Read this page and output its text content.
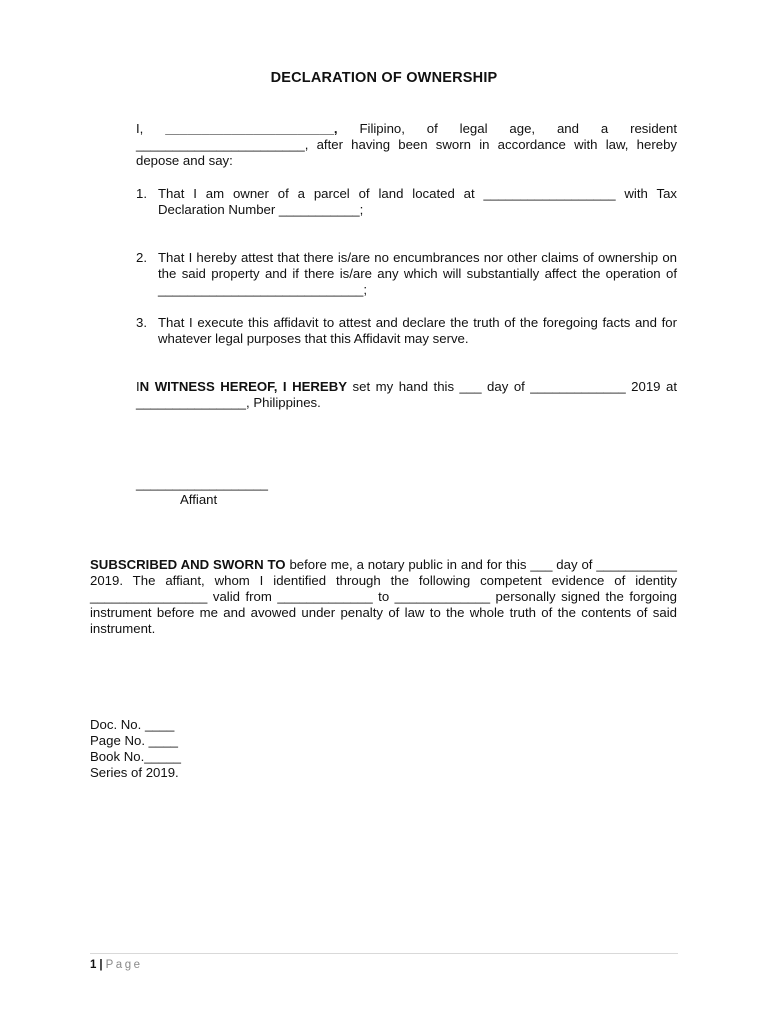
DECLARATION OF OWNERSHIP

I, _______________________, Filipino, of legal age, and a resident _______________________, after having been sworn in accordance with law, hereby depose and say:

1. That I am owner of a parcel of land located at __________________ with Tax Declaration Number ___________;
2. That I hereby attest that there is/are no encumbrances nor other claims of ownership on the said property and if there is/are any which will substantially affect the operation of ____________________________;
3. That I execute this affidavit to attest and declare the truth of the foregoing facts and for whatever legal purposes that this Affidavit may serve.

IN WITNESS HEREOF, I HEREBY set my hand this ___ day of _____________ 2019 at _______________, Philippines.

__________________
Affiant

SUBSCRIBED AND SWORN TO before me, a notary public in and for this ___ day of ___________ 2019. The affiant, whom I identified through the following competent evidence of identity ________________ valid from _____________ to _____________ personally signed the forgoing instrument before me and avowed under penalty of law to the whole truth of the contents of said instrument.

Doc. No. ____
Page No. ____
Book No._____
Series of 2019.
1 | Page
